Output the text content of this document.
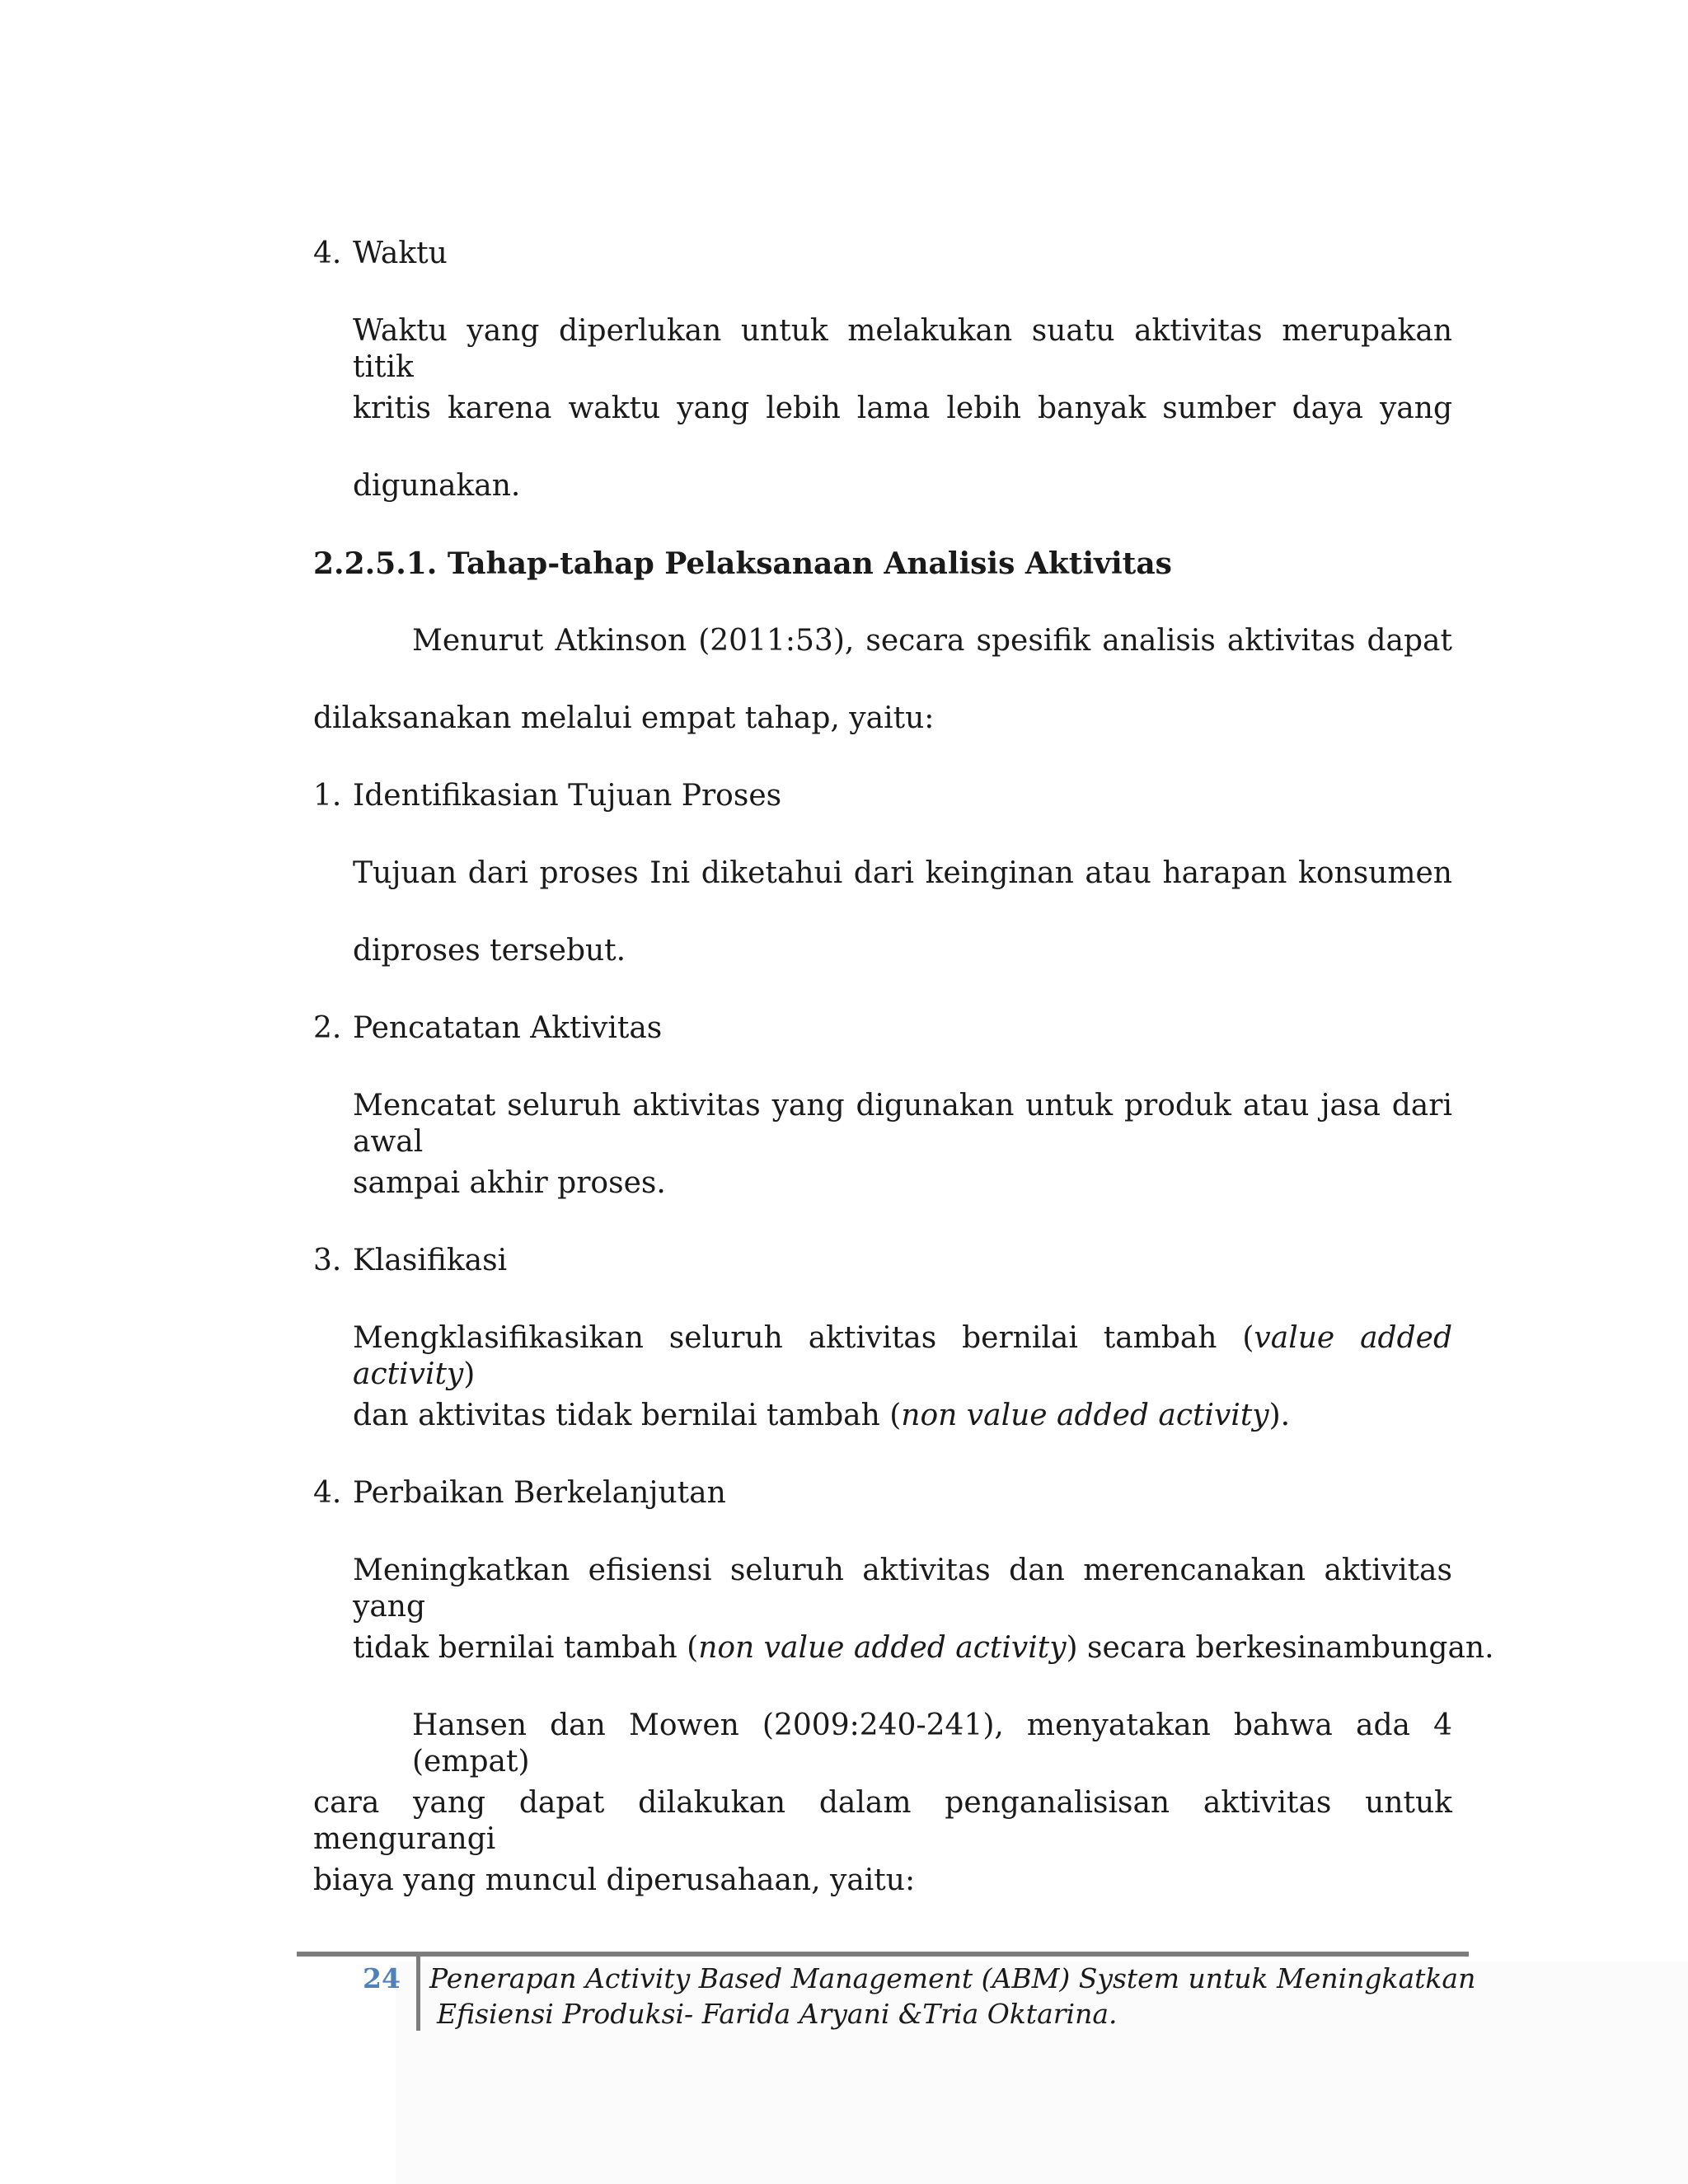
4. Waktu

Waktu yang diperlukan untuk melakukan suatu aktivitas merupakan titik

kritis karena waktu yang lebih lama lebih banyak sumber daya yang

digunakan.

2.2.5.1. Tahap-tahap Pelaksanaan Analisis Aktivitas

Menurut Atkinson (2011:53), secara spesifik analisis aktivitas dapat

dilaksanakan melalui empat tahap, yaitu:

1. Identifikasian Tujuan Proses

Tujuan dari proses Ini diketahui dari keinginan atau harapan konsumen

diproses tersebut.

2. Pencatatan Aktivitas

Mencatat seluruh aktivitas yang digunakan untuk produk atau jasa dari awal

sampai akhir proses.

3. Klasifikasi

Mengklasifikasikan seluruh aktivitas bernilai tambah (value added activity)

dan aktivitas tidak bernilai tambah (non value added activity).

4. Perbaikan Berkelanjutan

Meningkatkan efisiensi seluruh aktivitas dan merencanakan aktivitas yang

tidak bernilai tambah (non value added activity) secara berkesinambungan.

Hansen dan Mowen (2009:240-241), menyatakan bahwa ada 4 (empat)

cara yang dapat dilakukan dalam penganalisisan aktivitas untuk mengurangi

biaya yang muncul diperusahaan, yaitu:

24 Penerapan Activity Based Management (ABM) System untuk Meningkatkan

Efisiensi Produksi- Farida Aryani &Tria Oktarina.
